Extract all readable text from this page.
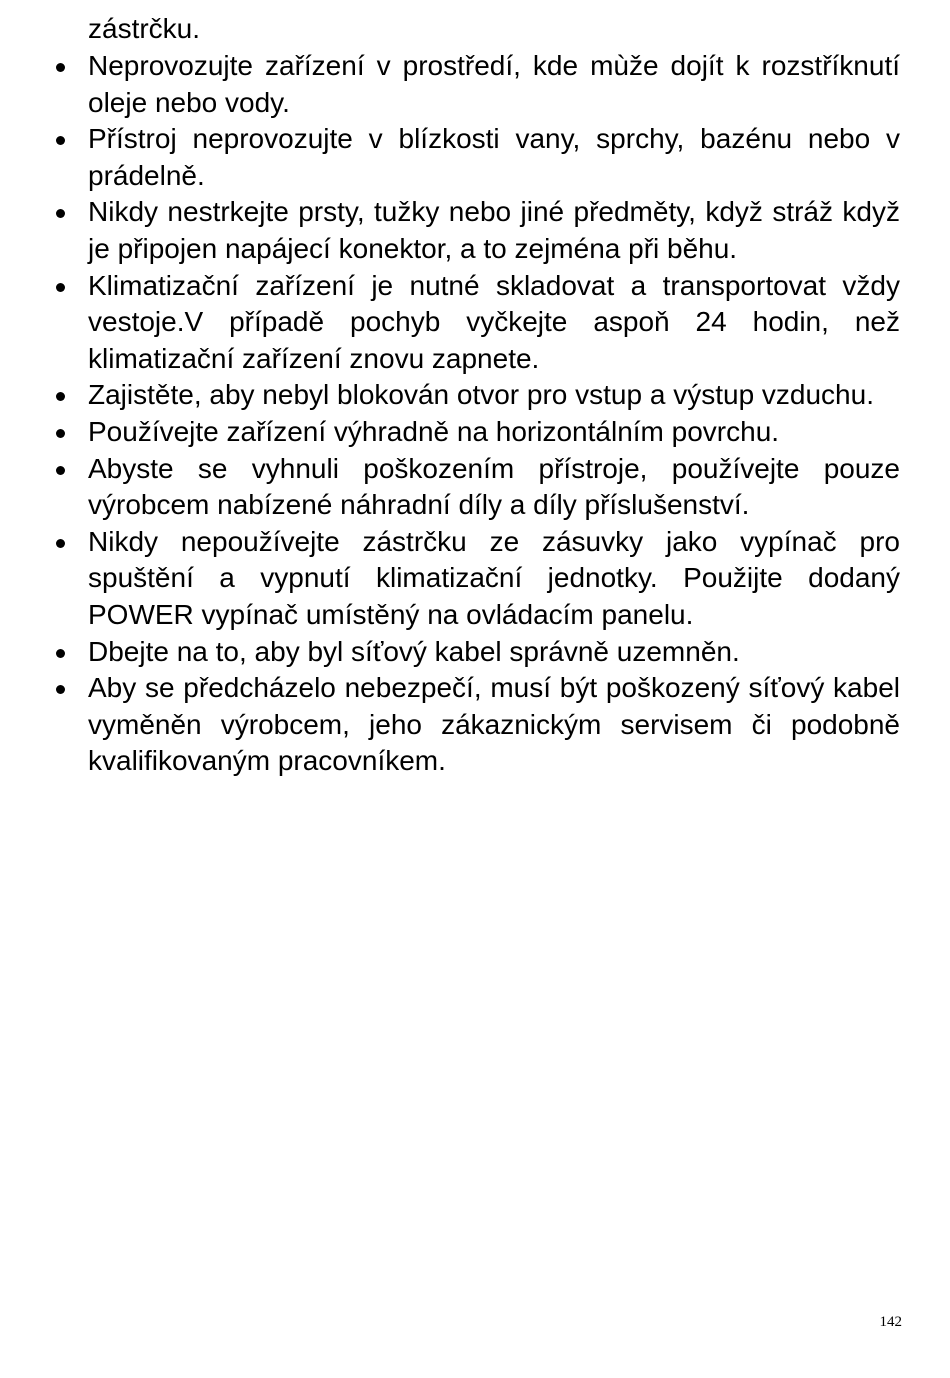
zástrčku.

Neprovozujte zařízení v prostředí, kde mùže dojít k rozstříknutí oleje nebo vody.
Přístroj neprovozujte v blízkosti vany, sprchy, bazénu nebo v prádelně.
Nikdy nestrkejte prsty, tužky nebo jiné předměty, když stráž když je připojen napájecí konektor, a to zejména při běhu.
Klimatizační zařízení je nutné skladovat a transportovat vždy vestoje.V případě pochyb vyčkejte aspoň 24 hodin, než klimatizační zařízení znovu zapnete.
Zajistěte, aby nebyl blokován otvor pro vstup a výstup vzduchu.
Používejte zařízení výhradně na horizontálním povrchu.
Abyste se vyhnuli poškozením přístroje, používejte pouze výrobcem nabízené náhradní díly a díly příslušenství.
Nikdy nepoužívejte zástrčku ze zásuvky jako vypínač pro spuštění a vypnutí klimatizační jednotky. Použijte dodaný POWER vypínač umístěný na ovládacím panelu.
Dbejte na to, aby byl síťový kabel správně uzemněn.
Aby se předcházelo nebezpečí, musí být poškozený síťový kabel vyměněn výrobcem, jeho zákaznickým servisem či podobně kvalifikovaným pracovníkem.

142
